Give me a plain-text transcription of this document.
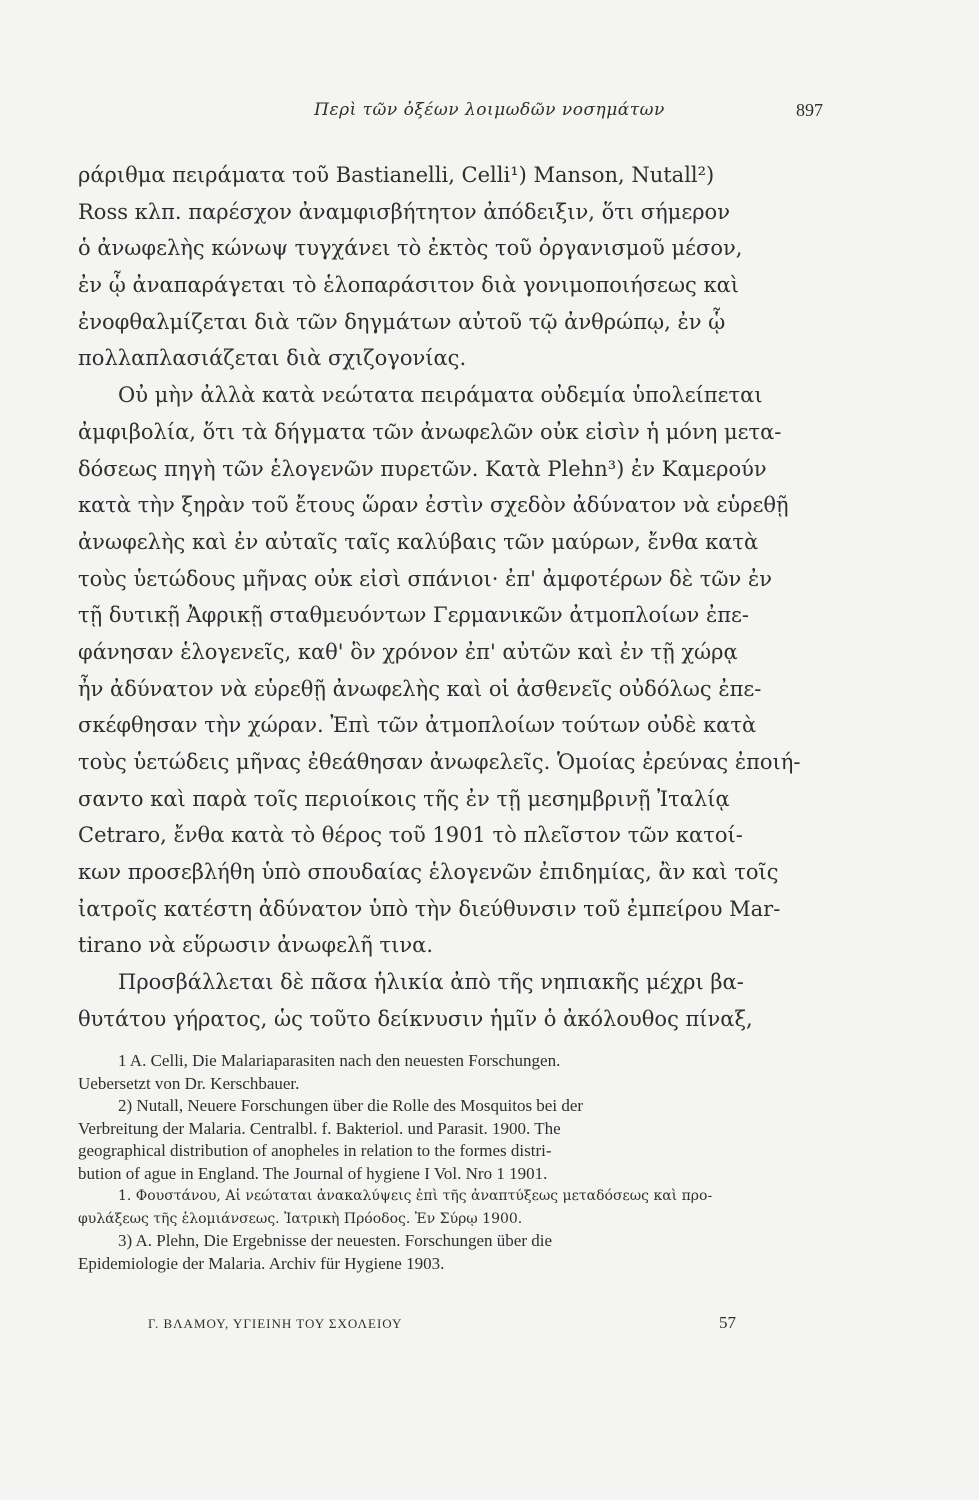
Περὶ τῶν ὀξέων λοιμωδῶν νοσημάτων	897
ράριθμα πειράματα τοῦ Bastianelli, Celli¹) Manson, Nutall²)
Ross κλπ. παρέσχον ἀναμφισβήτητον ἀπόδειξιν, ὅτι σήμερον
ὁ ἀνωφελὴς κώνωψ τυγχάνει τὸ ἐκτὸς τοῦ ὀργανισμοῦ μέσον,
ἐν ᾧ ἀναπαράγεται τὸ ἑλοπαράσιτον διὰ γονιμοποιήσεως καὶ
ἐνοφθαλμίζεται διὰ τῶν δηγμάτων αὐτοῦ τῷ ἀνθρώπῳ, ἐν ᾧ
πολλαπλασιάζεται διὰ σχιζογονίας.
Οὐ μὴν ἀλλὰ κατὰ νεώτατα πειράματα οὐδεμία ὑπολείπεται
ἀμφιβολία, ὅτι τὰ δήγματα τῶν ἀνωφελῶν οὐκ εἰσὶν ἡ μόνη μετα-
δόσεως πηγὴ τῶν ἑλογενῶν πυρετῶν. Κατὰ Plehn³) ἐν Καμερούν
κατὰ τὴν ξηρὰν τοῦ ἔτους ὥραν ἐστὶν σχεδὸν ἀδύνατον νὰ εὑρεθῇ
ἀνωφελὴς καὶ ἐν αὐταῖς ταῖς καλύβαις τῶν μαύρων, ἔνθα κατὰ
τοὺς ὑετώδους μῆνας οὐκ εἰσὶ σπάνιοι· ἐπ' ἀμφοτέρων δὲ τῶν ἐν
τῇ δυτικῇ Ἀφρικῇ σταθμευόντων Γερμανικῶν ἀτμοπλοίων ἐπε-
φάνησαν ἑλογενεῖς, καθ' ὃν χρόνον ἐπ' αὐτῶν καὶ ἐν τῇ χώρᾳ
ἦν ἀδύνατον νὰ εὑρεθῇ ἀνωφελὴς καὶ οἱ ἀσθενεῖς οὐδόλως ἐπε-
σκέφθησαν τὴν χώραν. Ἐπὶ τῶν ἀτμοπλοίων τούτων οὐδὲ κατὰ
τοὺς ὑετώδεις μῆνας ἐθεάθησαν ἀνωφελεῖς. Ὁμοίας ἐρεύνας ἐποιή-
σαντο καὶ παρὰ τοῖς περιοίκοις τῆς ἐν τῇ μεσημβρινῇ Ἰταλίᾳ
Cetraro, ἔνθα κατὰ τὸ θέρος τοῦ 1901 τὸ πλεῖστον τῶν κατοί-
κων προσεβλήθη ὑπὸ σπουδαίας ἑλογενῶν ἐπιδημίας, ἂν καὶ τοῖς
ἰατροῖς κατέστη ἀδύνατον ὑπὸ τὴν διεύθυνσιν τοῦ ἐμπείρου Mar-
tirano νὰ εὕρωσιν ἀνωφελῆ τινα.
Προσβάλλεται δὲ πᾶσα ἡλικία ἀπὸ τῆς νηπιακῆς μέχρι βα-
θυτάτου γήρατος, ὡς τοῦτο δείκνυσιν ἡμῖν ὁ ἀκόλουθος πίναξ,
1 A. Celli, Die Malariaparasiten nach den neuesten Forschungen.
Uebersetzt von Dr. Kerschbauer.
2) Nutall, Neuere Forschungen über die Rolle des Mosquitos bei der
Verbreitung der Malaria. Centralbl. f. Bakteriol. und Parasit. 1900. The
geographical distribution of anopheles in relation to the formes distri-
bution of ague in England. The Journal of hygiene I Vol. Nro 1 1901.
1. Φουστάνου, Αἱ νεώταται ἀνακαλύψεις ἐπὶ τῆς ἀναπτύξεως μεταδόσεως καὶ προ-
φυλάξεως τῆς ἑλομιάνσεως. Ἰατρικὴ Πρόοδος. Ἐν Σύρῳ 1900.
3) A. Plehn, Die Ergebnisse der neuesten. Forschungen über die
Epidemiologie der Malaria. Archiv für Hygiene 1903.
Γ. ΒΛΑΜΟΥ, ΥΓΙΕΙΝΗ ΤΟΥ ΣΧΟΛΕΙΟΥ	57
